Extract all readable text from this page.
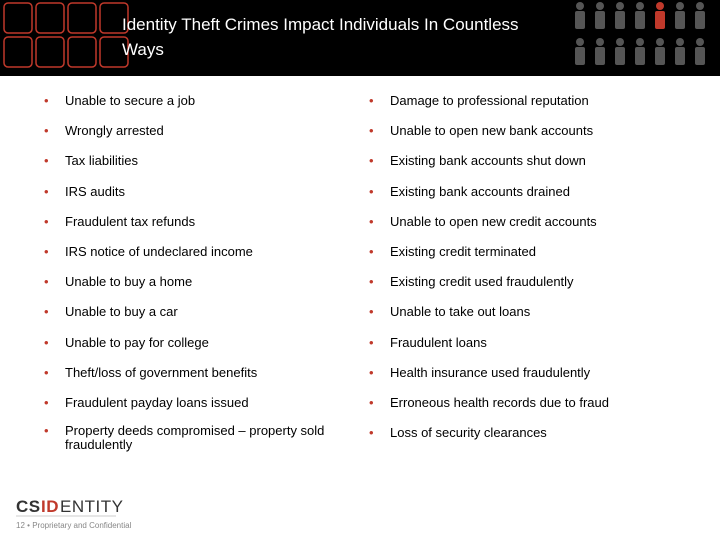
Identity Theft Crimes Impact Individuals In Countless
Ways
• Unable to secure a job
• Wrongly arrested
• Tax liabilities
• IRS audits
• Fraudulent tax refunds
• IRS notice of undeclared income
• Unable to buy a home
• Unable to buy a car
• Unable to pay for college
• Theft/loss of government benefits
• Fraudulent payday loans issued
• Property deeds compromised – property sold fraudulently
• Damage to professional reputation
• Unable to open new bank accounts
• Existing bank accounts shut down
• Existing bank accounts drained
• Unable to open new credit accounts
• Existing credit terminated
• Existing credit used fraudulently
• Unable to take out loans
• Fraudulent loans
• Health insurance used fraudulently
• Erroneous health records due to fraud
• Loss of security clearances
CS ID ENTITY
12 • Proprietary and Confidential
